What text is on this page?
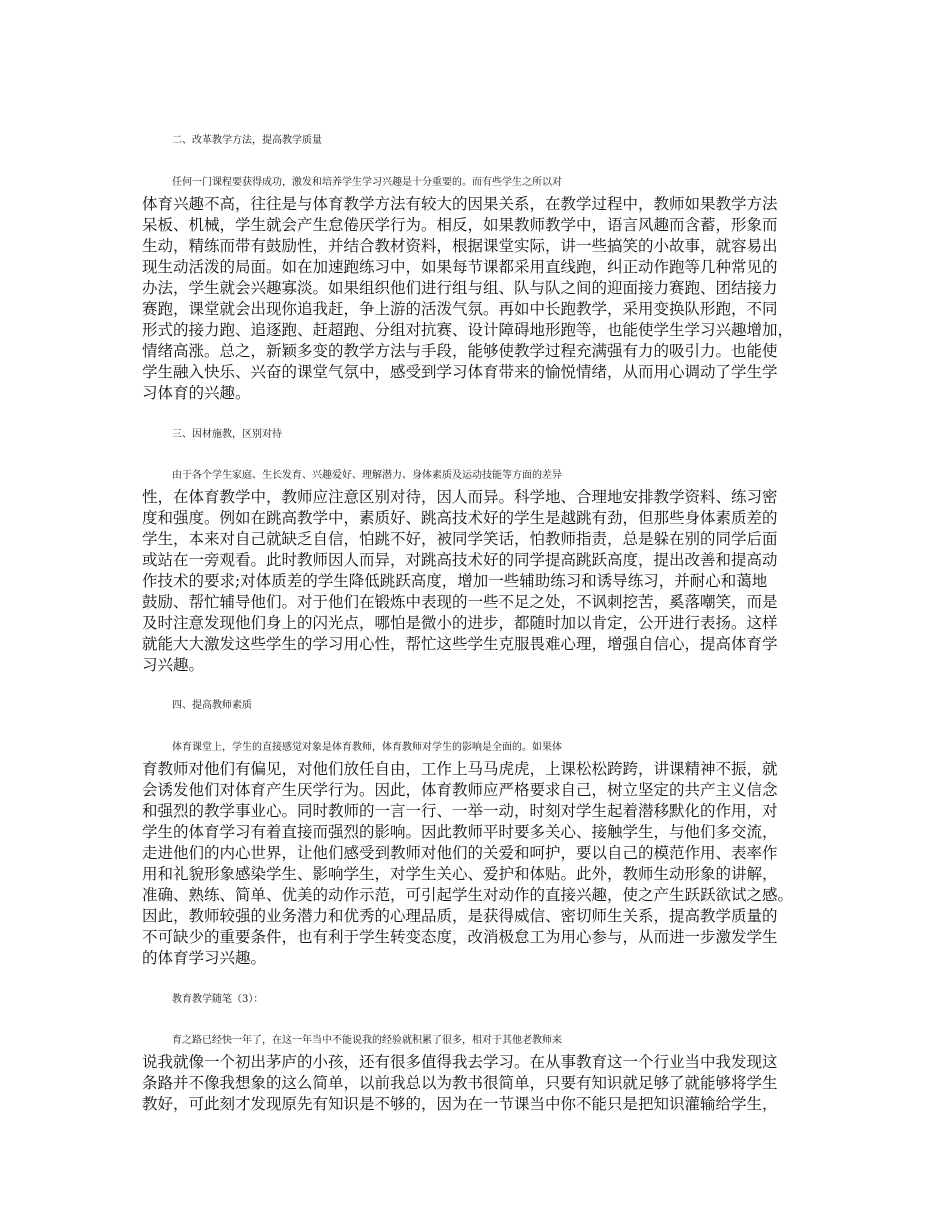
二、改革教学方法，提高教学质量
任何一门课程要获得成功，激发和培养学生学习兴趣是十分重要的。而有些学生之所以对
体育兴趣不高，往往是与体育教学方法有较大的因果关系，在教学过程中，教师如果教学方法
呆板、机械，学生就会产生怠倦厌学行为。相反，如果教师教学中，语言风趣而含蓄，形象而
生动，精练而带有鼓励性，并结合教材资料，根据课堂实际，讲一些搞笑的小故事，就容易出
现生动活泼的局面。如在加速跑练习中，如果每节课都采用直线跑，纠正动作跑等几种常见的
办法，学生就会兴趣寡淡。如果组织他们进行组与组、队与队之间的迎面接力赛跑、团结接力
赛跑，课堂就会出现你追我赶，争上游的活泼气氛。再如中长跑教学，采用变换队形跑，不同
形式的接力跑、追逐跑、赶超跑、分组对抗赛、设计障碍地形跑等，也能使学生学习兴趣增加，
情绪高涨。总之，新颖多变的教学方法与手段，能够使教学过程充满强有力的吸引力。也能使
学生融入快乐、兴奋的课堂气氛中，感受到学习体育带来的愉悦情绪，从而用心调动了学生学
习体育的兴趣。
三、因材施教，区别对待
由于各个学生家庭、生长发育、兴趣爱好、理解潜力、身体素质及运动技能等方面的差异
性，在体育教学中，教师应注意区别对待，因人而异。科学地、合理地安排教学资料、练习密
度和强度。例如在跳高教学中，素质好、跳高技术好的学生是越跳有劲，但那些身体素质差的
学生，本来对自己就缺乏自信，怕跳不好，被同学笑话，怕教师指责，总是躲在别的同学后面
或站在一旁观看。此时教师因人而异，对跳高技术好的同学提高跳跃高度，提出改善和提高动
作技术的要求;对体质差的学生降低跳跃高度，增加一些辅助练习和诱导练习，并耐心和蔼地
鼓励、帮忙辅导他们。对于他们在锻炼中表现的一些不足之处，不讽刺挖苦，奚落嘲笑，而是
及时注意发现他们身上的闪光点，哪怕是微小的进步，都随时加以肯定，公开进行表扬。这样
就能大大激发这些学生的学习用心性，帮忙这些学生克服畏难心理，增强自信心，提高体育学
习兴趣。
四、提高教师素质
体育课堂上，学生的直接感觉对象是体育教师，体育教师对学生的影响是全面的。如果体
育教师对他们有偏见，对他们放任自由，工作上马马虎虎，上课松松跨跨，讲课精神不振，就
会诱发他们对体育产生厌学行为。因此，体育教师应严格要求自己，树立坚定的共产主义信念
和强烈的教学事业心。同时教师的一言一行、一举一动，时刻对学生起着潜移默化的作用，对
学生的体育学习有着直接而强烈的影响。因此教师平时要多关心、接触学生，与他们多交流，
走进他们的内心世界，让他们感受到教师对他们的关爱和呵护，要以自己的模范作用、表率作
用和礼貌形象感染学生、影响学生，对学生关心、爱护和体贴。此外，教师生动形象的讲解，
准确、熟练、简单、优美的动作示范，可引起学生对动作的直接兴趣，使之产生跃跃欲试之感。
因此，教师较强的业务潜力和优秀的心理品质，是获得威信、密切师生关系，提高教学质量的
不可缺少的重要条件，也有利于学生转变态度，改消极怠工为用心参与，从而进一步激发学生
的体育学习兴趣。
教育教学随笔（3）：
育之路已经快一年了，在这一年当中不能说我的经验就积累了很多，相对于其他老教师来
说我就像一个初出茅庐的小孩，还有很多值得我去学习。在从事教育这一个行业当中我发现这
条路并不像我想象的这么简单，以前我总以为教书很简单，只要有知识就足够了就能够将学生
教好，可此刻才发现原先有知识是不够的，因为在一节课当中你不能只是把知识灌输给学生，
